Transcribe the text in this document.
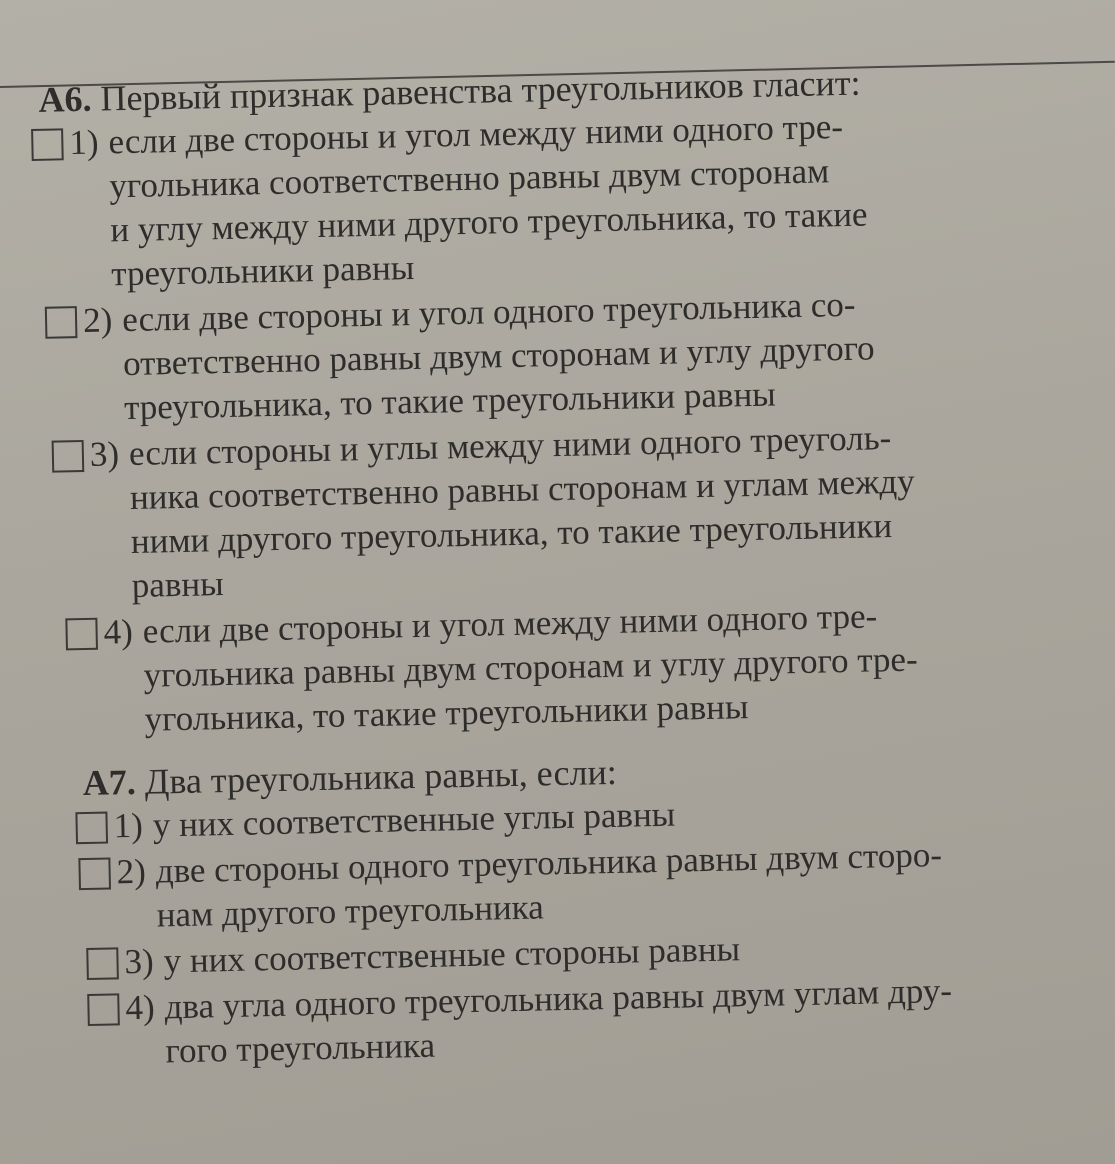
А6. Первый признак равенства треугольников гласит:
1) если две стороны и угол между ними одного тре-
угольника соответственно равны двум сторонам
и углу между ними другого треугольника, то такие
треугольники равны
2) если две стороны и угол одного треугольника со-
ответственно равны двум сторонам и углу другого
треугольника, то такие треугольники равны
3) если стороны и углы между ними одного треуголь-
ника соответственно равны сторонам и углам между
ними другого треугольника, то такие треугольники
равны
4) если две стороны и угол между ними одного тре-
угольника равны двум сторонам и углу другого тре-
угольника, то такие треугольники равны
А7. Два треугольника равны, если:
1) у них соответственные углы равны
2) две стороны одного треугольника равны двум сторо-
нам другого треугольника
3) у них соответственные стороны равны
4) два угла одного треугольника равны двум углам дру-
гого треугольника
